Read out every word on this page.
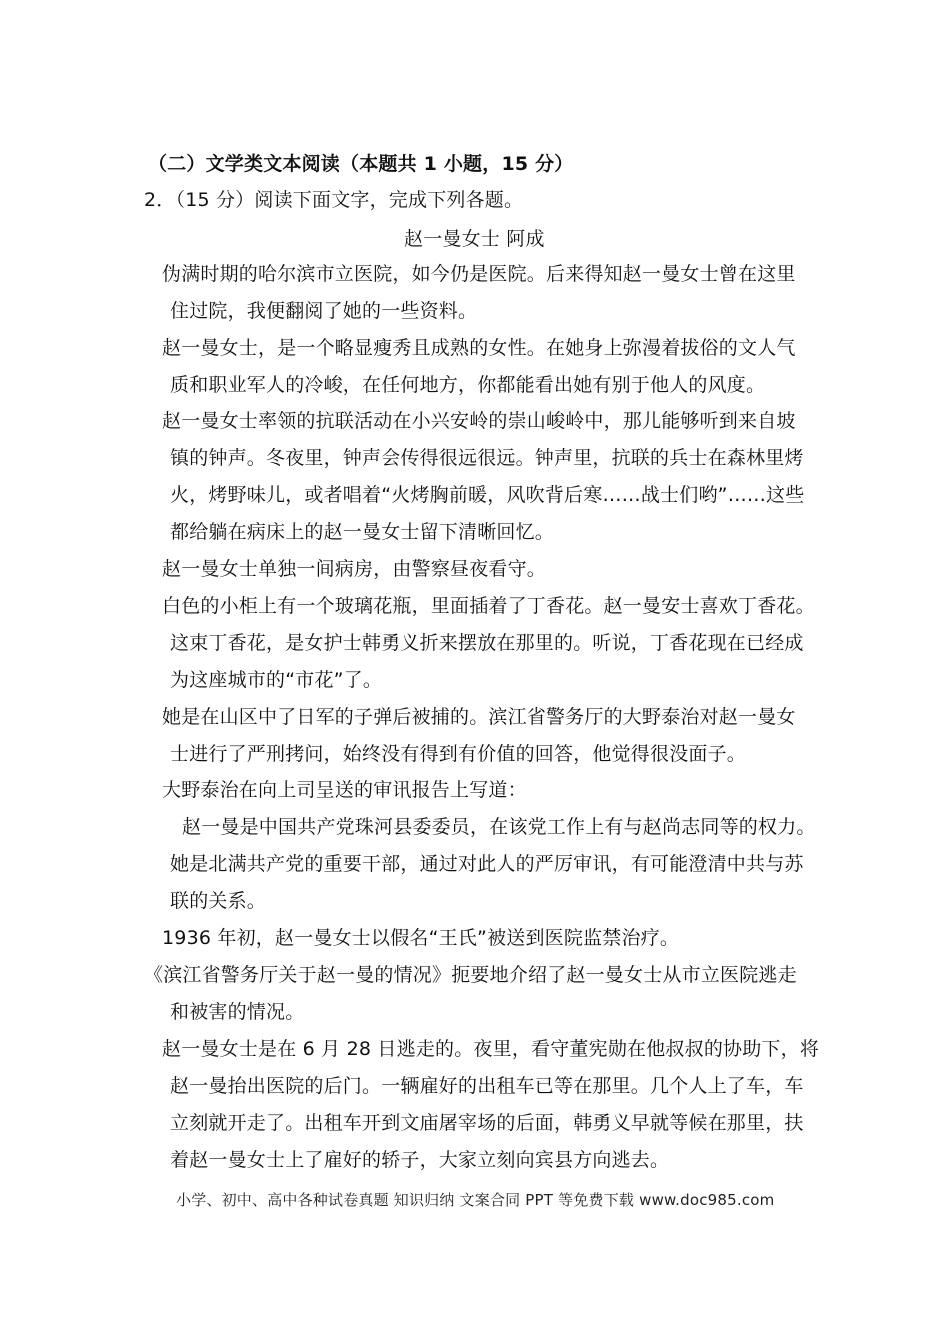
（二）文学类文本阅读（本题共 1 小题，15 分）
2．（15 分）阅读下面文字，完成下列各题。
赵一曼女士 阿成
伪满时期的哈尔滨市立医院，如今仍是医院。后来得知赵一曼女士曾在这里
住过院，我便翻阅了她的一些资料。
赵一曼女士，是一个略显瘦秀且成熟的女性。在她身上弥漫着拔俗的文人气
质和职业军人的冷峻，在任何地方，你都能看出她有别于他人的风度。
赵一曼女士率领的抗联活动在小兴安岭的崇山峻岭中，那儿能够听到来自坡
镇的钟声。冬夜里，钟声会传得很远很远。钟声里，抗联的兵士在森林里烤
火，烤野味儿，或者唱着“火烤胸前暖，风吹背后寒……战士们哟”……这些
都给躺在病床上的赵一曼女士留下清晰回忆。
赵一曼女士单独一间病房，由警察昼夜看守。
白色的小柜上有一个玻璃花瓶，里面插着了丁香花。赵一曼安士喜欢丁香花。
这束丁香花，是女护士韩勇义折来摆放在那里的。听说，丁香花现在已经成
为这座城市的“市花”了。
她是在山区中了日军的子弹后被捕的。滨江省警务厅的大野泰治对赵一曼女
士进行了严刑拷问，始终没有得到有价值的回答，他觉得很没面子。
大野泰治在向上司呈送的审讯报告上写道：
赵一曼是中国共产党珠河县委委员，在该党工作上有与赵尚志同等的权力。
她是北满共产党的重要干部，通过对此人的严厉审讯，有可能澄清中共与苏
联的关系。
1936 年初，赵一曼女士以假名“王氏”被送到医院监禁治疗。
《滨江省警务厅关于赵一曼的情况》扼要地介绍了赵一曼女士从市立医院逃走
和被害的情况。
赵一曼女士是在 6 月 28 日逃走的。夜里，看守董宪勋在他叔叔的协助下，将
赵一曼抬出医院的后门。一辆雇好的出租车已等在那里。几个人上了车，车
立刻就开走了。出租车开到文庙屠宰场的后面，韩勇义早就等候在那里，扶
着赵一曼女士上了雇好的轿子，大家立刻向宾县方向逃去。
小学、初中、高中各种试卷真题 知识归纳 文案合同 PPT 等免费下载 www.doc985.com
